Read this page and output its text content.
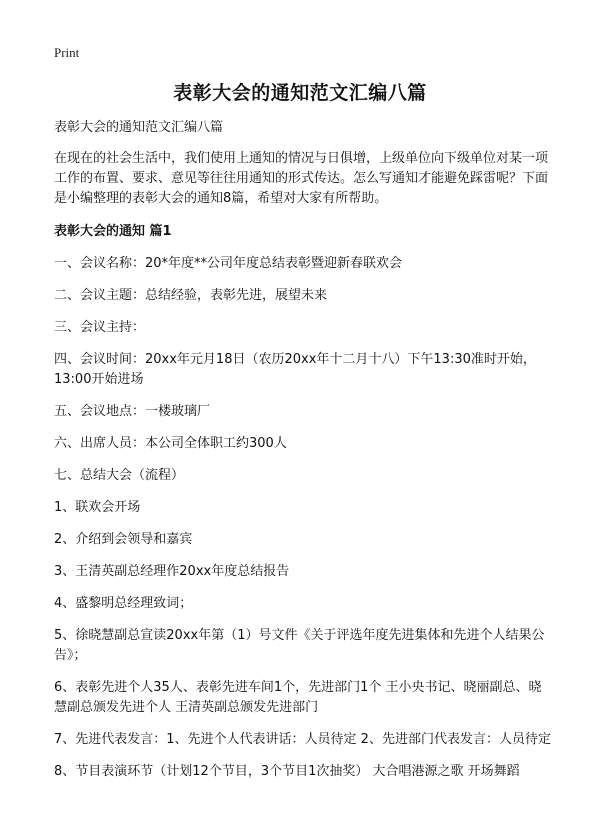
Print
表彰大会的通知范文汇编八篇

表彰大会的通知范文汇编八篇

在现在的社会生活中，我们使用上通知的情况与日俱增，上级单位向下级单位对某一项工作的布置、要求、意见等往往用通知的形式传达。怎么写通知才能避免踩雷呢？下面是小编整理的表彰大会的通知8篇，希望对大家有所帮助。

表彰大会的通知 篇1

一、会议名称：20*年度**公司年度总结表彰暨迎新春联欢会

二、会议主题：总结经验，表彰先进，展望未来

三、会议主持：

四、会议时间：20xx年元月18日（农历20xx年十二月十八）下午13:30准时开始，13:00开始进场

五、会议地点：一楼玻璃厂

六、出席人员：本公司全体职工约300人

七、总结大会（流程）

1、联欢会开场

2、介绍到会领导和嘉宾

3、王清英副总经理作20xx年度总结报告

4、盛黎明总经理致词；

5、徐晓慧副总宣读20xx年第（1）号文件《关于评选年度先进集体和先进个人结果公告》；

6、表彰先进个人35人、表彰先进车间1个，先进部门1个 王小央书记、晓丽副总、晓慧副总颁发先进个人 王清英副总颁发先进部门

7、先进代表发言：1、先进个人代表讲话：人员待定 2、先进部门代表发言：人员待定

8、节目表演环节（计划12个节目，3个节目1次抽奖） 大合唱港源之歌 开场舞蹈
